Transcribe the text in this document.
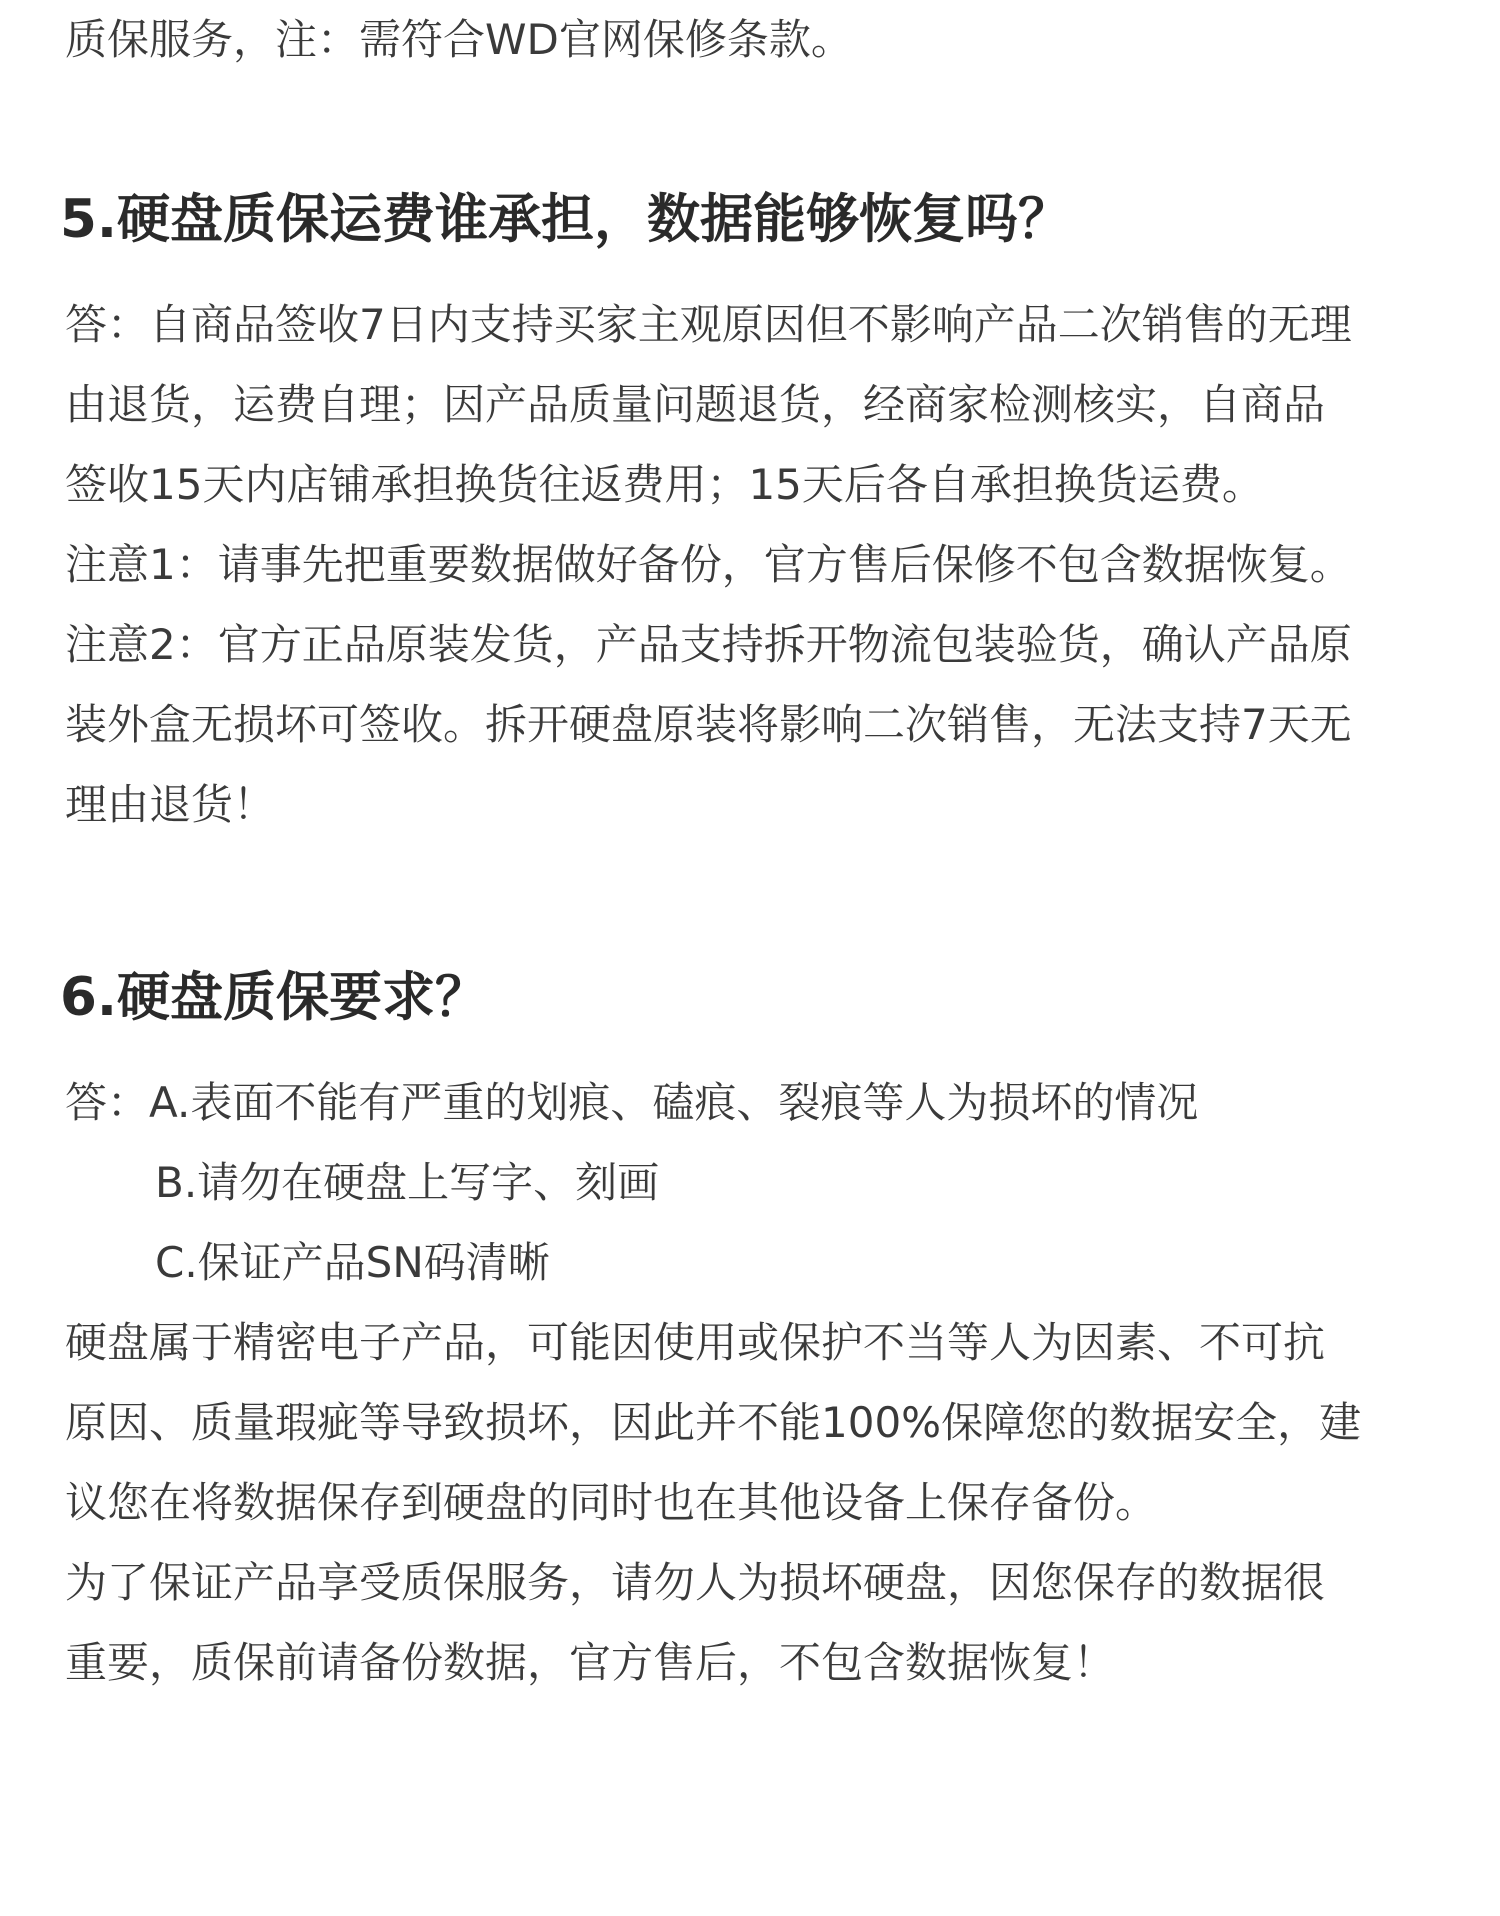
质保服务，注：需符合WD官网保修条款。

5.硬盘质保运费谁承担，数据能够恢复吗？

答：自商品签收7日内支持买家主观原因但不影响产品二次销售的无理

由退货，运费自理；因产品质量问题退货，经商家检测核实，自商品

签收15天内店铺承担换货往返费用；15天后各自承担换货运费。

注意1：请事先把重要数据做好备份，官方售后保修不包含数据恢复。

注意2：官方正品原装发货，产品支持拆开物流包装验货，确认产品原

装外盒无损坏可签收。拆开硬盘原装将影响二次销售，无法支持7天无

理由退货！

6.硬盘质保要求？

答：A.表面不能有严重的划痕、磕痕、裂痕等人为损坏的情况

B.请勿在硬盘上写字、刻画

C.保证产品SN码清晰

硬盘属于精密电子产品，可能因使用或保护不当等人为因素、不可抗

原因、质量瑕疵等导致损坏，因此并不能100%保障您的数据安全，建

议您在将数据保存到硬盘的同时也在其他设备上保存备份。

为了保证产品享受质保服务，请勿人为损坏硬盘，因您保存的数据很

重要，质保前请备份数据，官方售后，不包含数据恢复！
